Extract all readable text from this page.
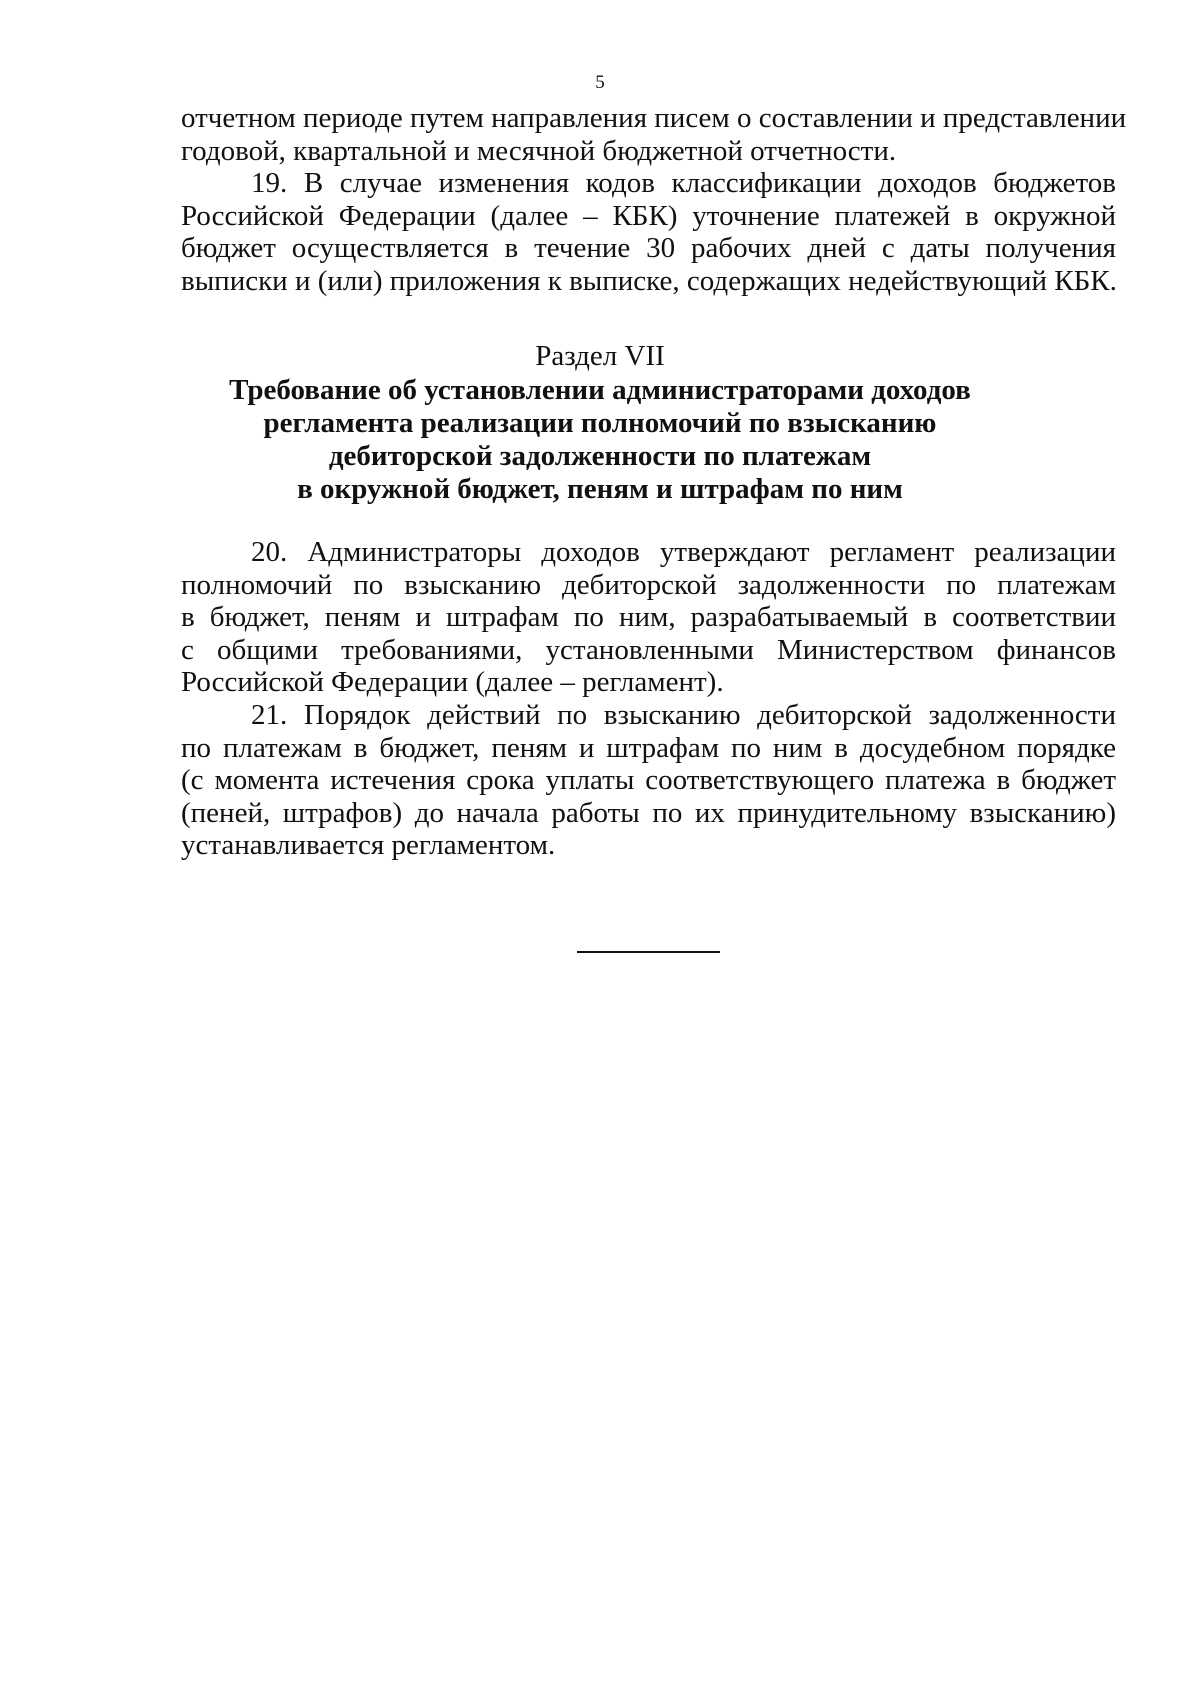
5
отчетном периоде путем направления писем о составлении и представлении
годовой, квартальной и месячной бюджетной отчетности.
19. В случае изменения кодов классификации доходов бюджетов
Российской Федерации (далее – КБК) уточнение платежей в окружной
бюджет осуществляется в течение 30 рабочих дней с даты получения
выписки и (или) приложения к выписке, содержащих недействующий КБК.
Раздел VII
Требование об установлении администраторами доходов
регламента реализации полномочий по взысканию
дебиторской задолженности по платежам
в окружной бюджет, пеням и штрафам по ним
20. Администраторы доходов утверждают регламент реализации
полномочий по взысканию дебиторской задолженности по платежам
в бюджет, пеням и штрафам по ним, разрабатываемый в соответствии
с общими требованиями, установленными Министерством финансов
Российской Федерации (далее – регламент).
21. Порядок действий по взысканию дебиторской задолженности
по платежам в бюджет, пеням и штрафам по ним в досудебном порядке
(с момента истечения срока уплаты соответствующего платежа в бюджет
(пеней, штрафов) до начала работы по их принудительному взысканию)
устанавливается регламентом.
